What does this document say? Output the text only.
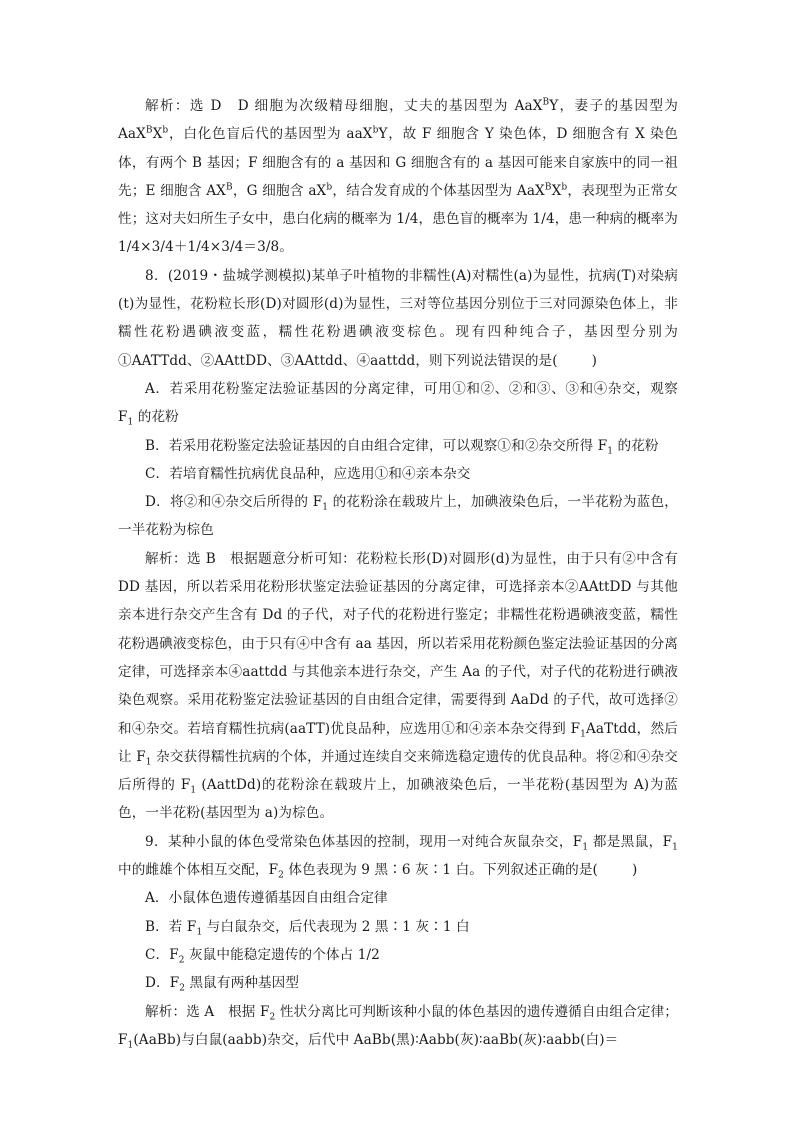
解析：选 D　D 细胞为次级精母细胞，丈夫的基因型为 AaX$^B$Y，妻子的基因型为 $AaX^BX^b$，白化色盲后代的基因型为 aaX$^b$Y，故 F 细胞含 Y 染色体，D 细胞含有 X 染色体，有两个 B 基因；F 细胞含有的 a 基因和 G 细胞含有的 a 基因可能来自家族中的同一祖先；E 细胞含 $AX^B$，G 细胞含 $aX^b$，结合发育成的个体基因型为 $AaX^BX^b$，表现型为正常女性；这对夫妇所生子女中，患白化病的概率为 1/4，患色盲的概率为 1/4，患一种病的概率为 1/4×3/4＋1/4×3/4＝3/8。

8．(2019・盐城学测模拟)某单子叶植物的非糯性(A)对糯性(a)为显性，抗病(T)对染病(t)为显性，花粉粒长形(D)对圆形(d)为显性，三对等位基因分别位于三对同源染色体上，非糯性花粉遇碘液变蓝，糯性花粉遇碘液变棕色。现有四种纯合子，基因型分别为①AATTdd、②AAttDD、③AAttdd、④aattdd，则下列说法错误的是(	)

A．若采用花粉鉴定法验证基因的分离定律，可用①和②、②和③、③和④杂交，观察 $F_1$ 的花粉

B．若采用花粉鉴定法验证基因的自由组合定律，可以观察①和②杂交所得 $F_1$ 的花粉

C．若培育糯性抗病优良品种，应选用①和④亲本杂交

D．将②和④杂交后所得的 $F_1$ 的花粉涂在载玻片上，加碘液染色后，一半花粉为蓝色，一半花粉为棕色

解析：选 B　根据题意分析可知：花粉粒长形(D)对圆形(d)为显性，由于只有②中含有 DD 基因，所以若采用花粉形状鉴定法验证基因的分离定律，可选择亲本②AAttDD 与其他亲本进行杂交产生含有 Dd 的子代，对子代的花粉进行鉴定；非糯性花粉遇碘液变蓝，糯性花粉遇碘液变棕色，由于只有④中含有 aa 基因，所以若采用花粉颜色鉴定法验证基因的分离定律，可选择亲本④aattdd 与其他亲本进行杂交，产生 Aa 的子代，对子代的花粉进行碘液染色观察。采用花粉鉴定法验证基因的自由组合定律，需要得到 AaDd 的子代，故可选择②和④杂交。若培育糯性抗病(aaTT)优良品种，应选用①和④亲本杂交得到 $F_1AaTtdd$，然后让 $F_1$ 杂交获得糯性抗病的个体，并通过连续自交来筛选稳定遗传的优良品种。将②和④杂交后所得的 $F_1$ (AattDd)的花粉涂在载玻片上，加碘液染色后，一半花粉(基因型为 A)为蓝色，一半花粉(基因型为 a)为棕色。

9．某种小鼠的体色受常染色体基因的控制，现用一对纯合灰鼠杂交，$F_1$ 都是黑鼠，$F_1$ 中的雌雄个体相互交配，$F_2$ 体色表现为 9 黑∶6 灰∶1 白。下列叙述正确的是(	)

A．小鼠体色遗传遵循基因自由组合定律

B．若 $F_1$ 与白鼠杂交，后代表现为 2 黑∶1 灰∶1 白

C．$F_2$ 灰鼠中能稳定遗传的个体占 1/2

D．$F_2$ 黑鼠有两种基因型

解析：选 A　根据 $F_2$ 性状分离比可判断该种小鼠的体色基因的遗传遵循自由组合定律；$F_1(AaBb)$与白鼠(aabb)杂交，后代中 AaBb(黑)∶Aabb(灰)∶aaBb(灰)∶aabb(白)＝
